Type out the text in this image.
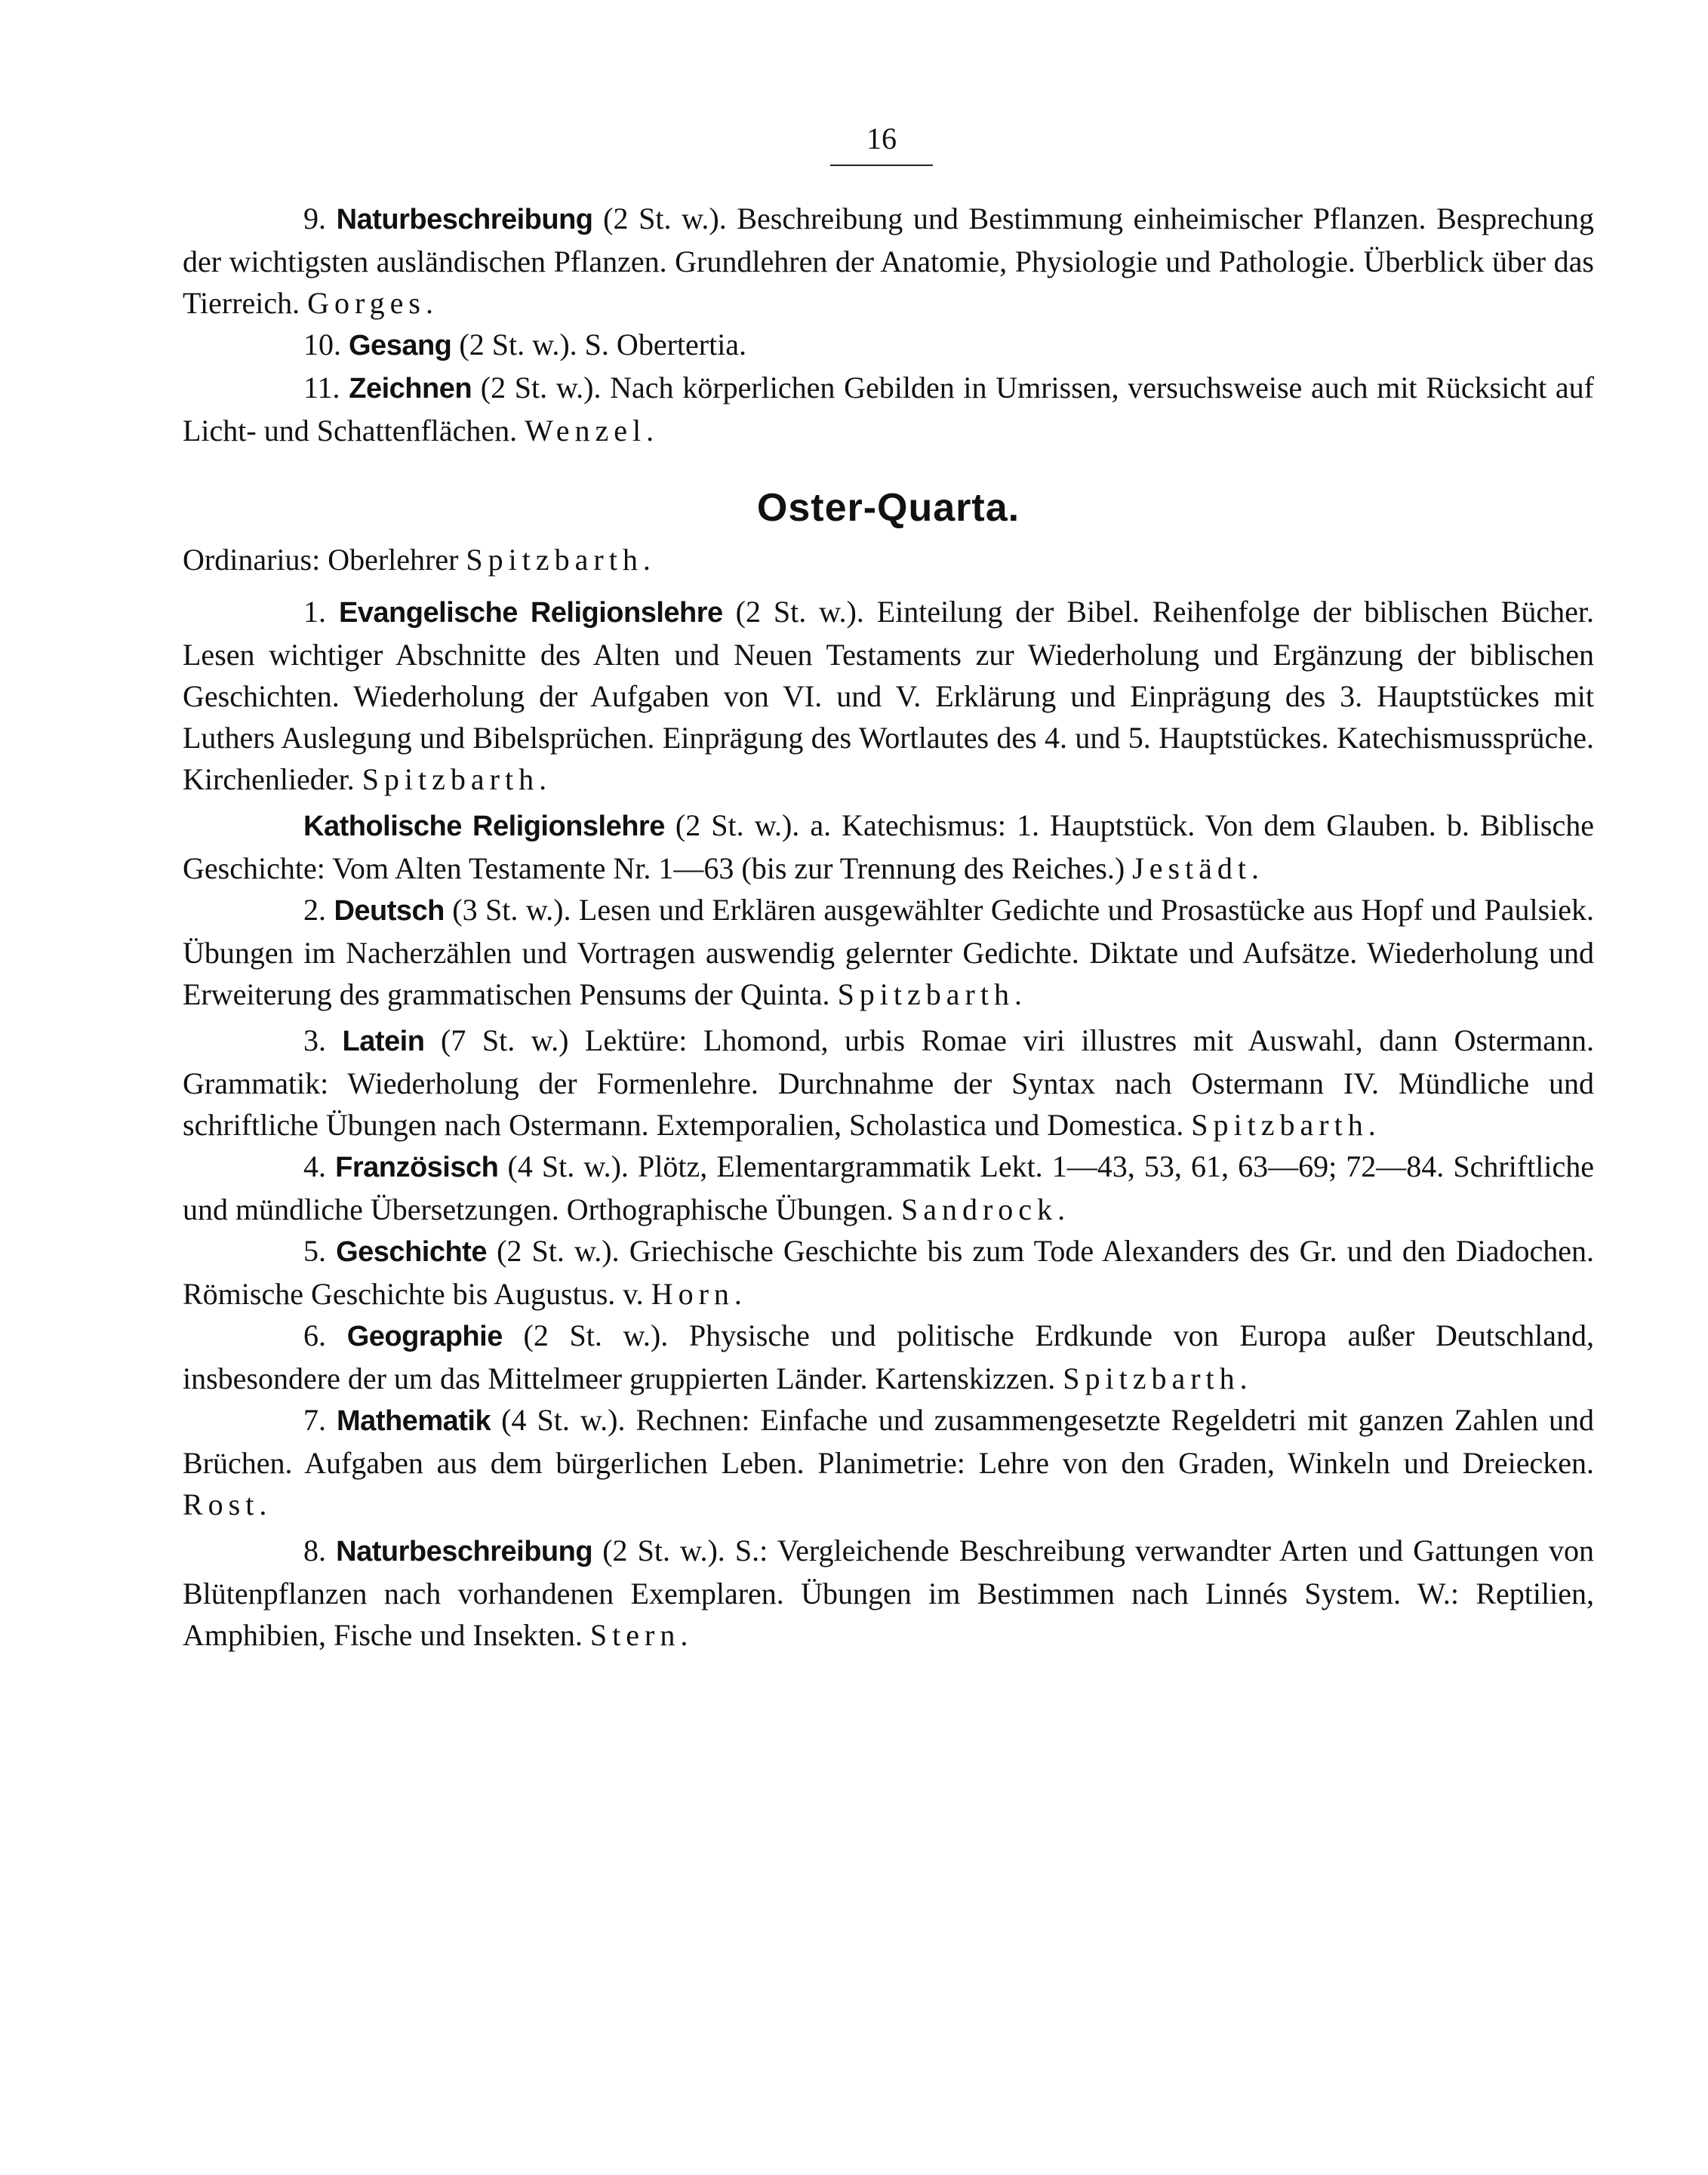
16

9. Naturbeschreibung (2 St. w.). Beschreibung und Bestimmung einheimischer Pflanzen. Besprechung der wichtigsten ausländischen Pflanzen. Grundlehren der Anatomie, Physiologie und Pathologie. Überblick über das Tierreich. Gorges.

10. Gesang (2 St. w.). S. Obertertia.

11. Zeichnen (2 St. w.). Nach körperlichen Gebilden in Umrissen, versuchsweise auch mit Rücksicht auf Licht- und Schattenflächen. Wenzel.

Oster-Quarta.

Ordinarius: Oberlehrer Spitzbarth.

1. Evangelische Religionslehre (2 St. w.). Einteilung der Bibel. Reihenfolge der biblischen Bücher. Lesen wichtiger Abschnitte des Alten und Neuen Testaments zur Wiederholung und Ergänzung der biblischen Geschichten. Wiederholung der Aufgaben von VI. und V. Erklärung und Einprägung des 3. Hauptstückes mit Luthers Auslegung und Bibelsprüchen. Einprägung des Wortlautes des 4. und 5. Hauptstückes. Katechismussprüche. Kirchenlieder. Spitzbarth.

Katholische Religionslehre (2 St. w.). a. Katechismus: 1. Hauptstück. Von dem Glauben. b. Biblische Geschichte: Vom Alten Testamente Nr. 1—63 (bis zur Trennung des Reiches.) Jestädt.

2. Deutsch (3 St. w.). Lesen und Erklären ausgewählter Gedichte und Prosastücke aus Hopf und Paulsiek. Übungen im Nacherzählen und Vortragen auswendig gelernter Gedichte. Diktate und Aufsätze. Wiederholung und Erweiterung des grammatischen Pensums der Quinta. Spitzbarth.

3. Latein (7 St. w.) Lektüre: Lhomond, urbis Romae viri illustres mit Auswahl, dann Ostermann. Grammatik: Wiederholung der Formenlehre. Durchnahme der Syntax nach Ostermann IV. Mündliche und schriftliche Übungen nach Ostermann. Extemporalien, Scholastica und Domestica. Spitzbarth.

4. Französisch (4 St. w.). Plötz, Elementargrammatik Lekt. 1—43, 53, 61, 63—69; 72—84. Schriftliche und mündliche Übersetzungen. Orthographische Übungen. Sandrock.

5. Geschichte (2 St. w.). Griechische Geschichte bis zum Tode Alexanders des Gr. und den Diadochen. Römische Geschichte bis Augustus. v. Horn.

6. Geographie (2 St. w.). Physische und politische Erdkunde von Europa außer Deutschland, insbesondere der um das Mittelmeer gruppierten Länder. Kartenskizzen. Spitzbarth.

7. Mathematik (4 St. w.). Rechnen: Einfache und zusammengesetzte Regeldetri mit ganzen Zahlen und Brüchen. Aufgaben aus dem bürgerlichen Leben. Planimetrie: Lehre von den Graden, Winkeln und Dreiecken. Rost.

8. Naturbeschreibung (2 St. w.). S.: Vergleichende Beschreibung verwandter Arten und Gattungen von Blütenpflanzen nach vorhandenen Exemplaren. Übungen im Bestimmen nach Linnés System. W.: Reptilien, Amphibien, Fische und Insekten. Stern.
